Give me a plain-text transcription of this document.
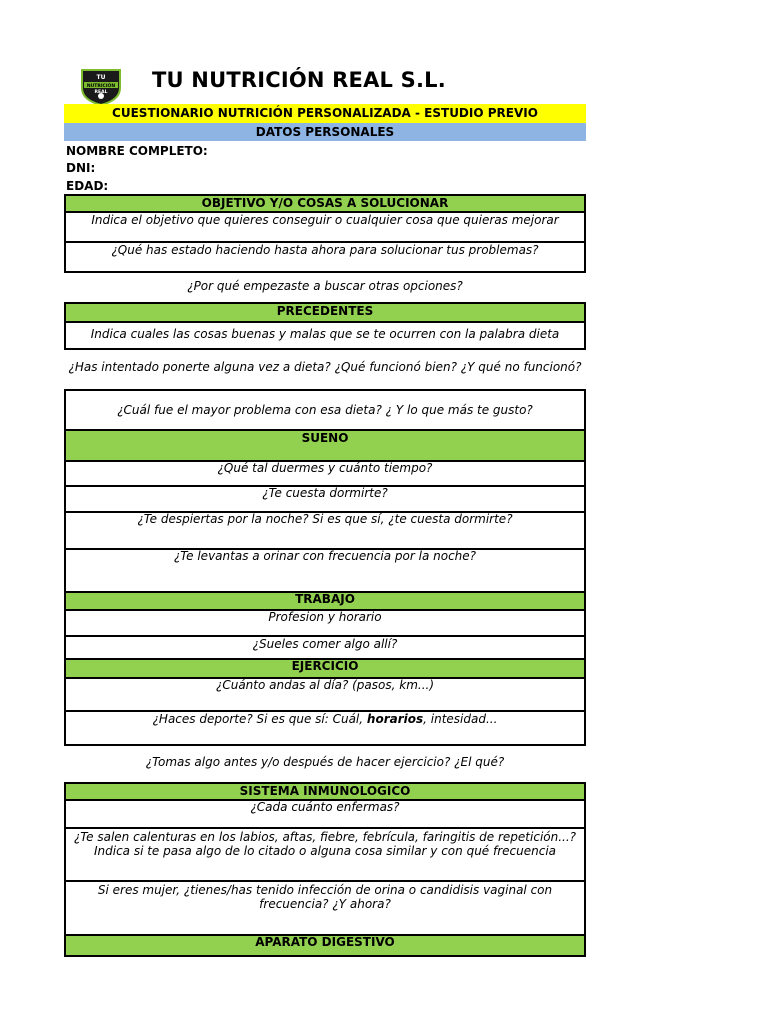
TU
NUTRICIÓN
REAL
TU NUTRICIÓN REAL S.L.
CUESTIONARIO NUTRICIÓN PERSONALIZADA - ESTUDIO PREVIO
DATOS PERSONALES
NOMBRE COMPLETO:
DNI:
EDAD:
OBJETIVO Y/O COSAS A SOLUCIONAR
Indica el objetivo que quieres conseguir o cualquier cosa que quieras mejorar
¿Qué has estado haciendo hasta ahora para solucionar tus problemas?
¿Por qué empezaste a buscar otras opciones?
PRECEDENTES
Indica cuales las cosas buenas y malas que se te ocurren con la palabra dieta
¿Has intentado ponerte alguna vez a dieta? ¿Qué funcionó bien? ¿Y qué no funcionó?
¿Cuál fue el mayor problema con esa dieta? ¿ Y lo que más te gusto?
SUENO
¿Qué tal duermes y cuánto tiempo?
¿Te cuesta dormirte?
¿Te despiertas por la noche? Si es que sí, ¿te cuesta dormirte?
¿Te levantas a orinar con frecuencia por la noche?
TRABAJO
Profesion y horario
¿Sueles comer algo allí?
EJERCICIO
¿Cuánto andas al día? (pasos, km...)
¿Haces deporte? Si es que sí: Cuál, horarios, intesidad...
¿Tomas algo antes y/o después de hacer ejercicio? ¿El qué?
SISTEMA INMUNOLOGICO
¿Cada cuánto enfermas?
¿Te salen calenturas en los labios, aftas, fiebre, febrícula, faringitis de repetición...? Indica si te pasa algo de lo citado o alguna cosa similar y con qué frecuencia
Si eres mujer, ¿tienes/has tenido infección de orina o candidisis vaginal con frecuencia? ¿Y ahora?
APARATO DIGESTIVO
